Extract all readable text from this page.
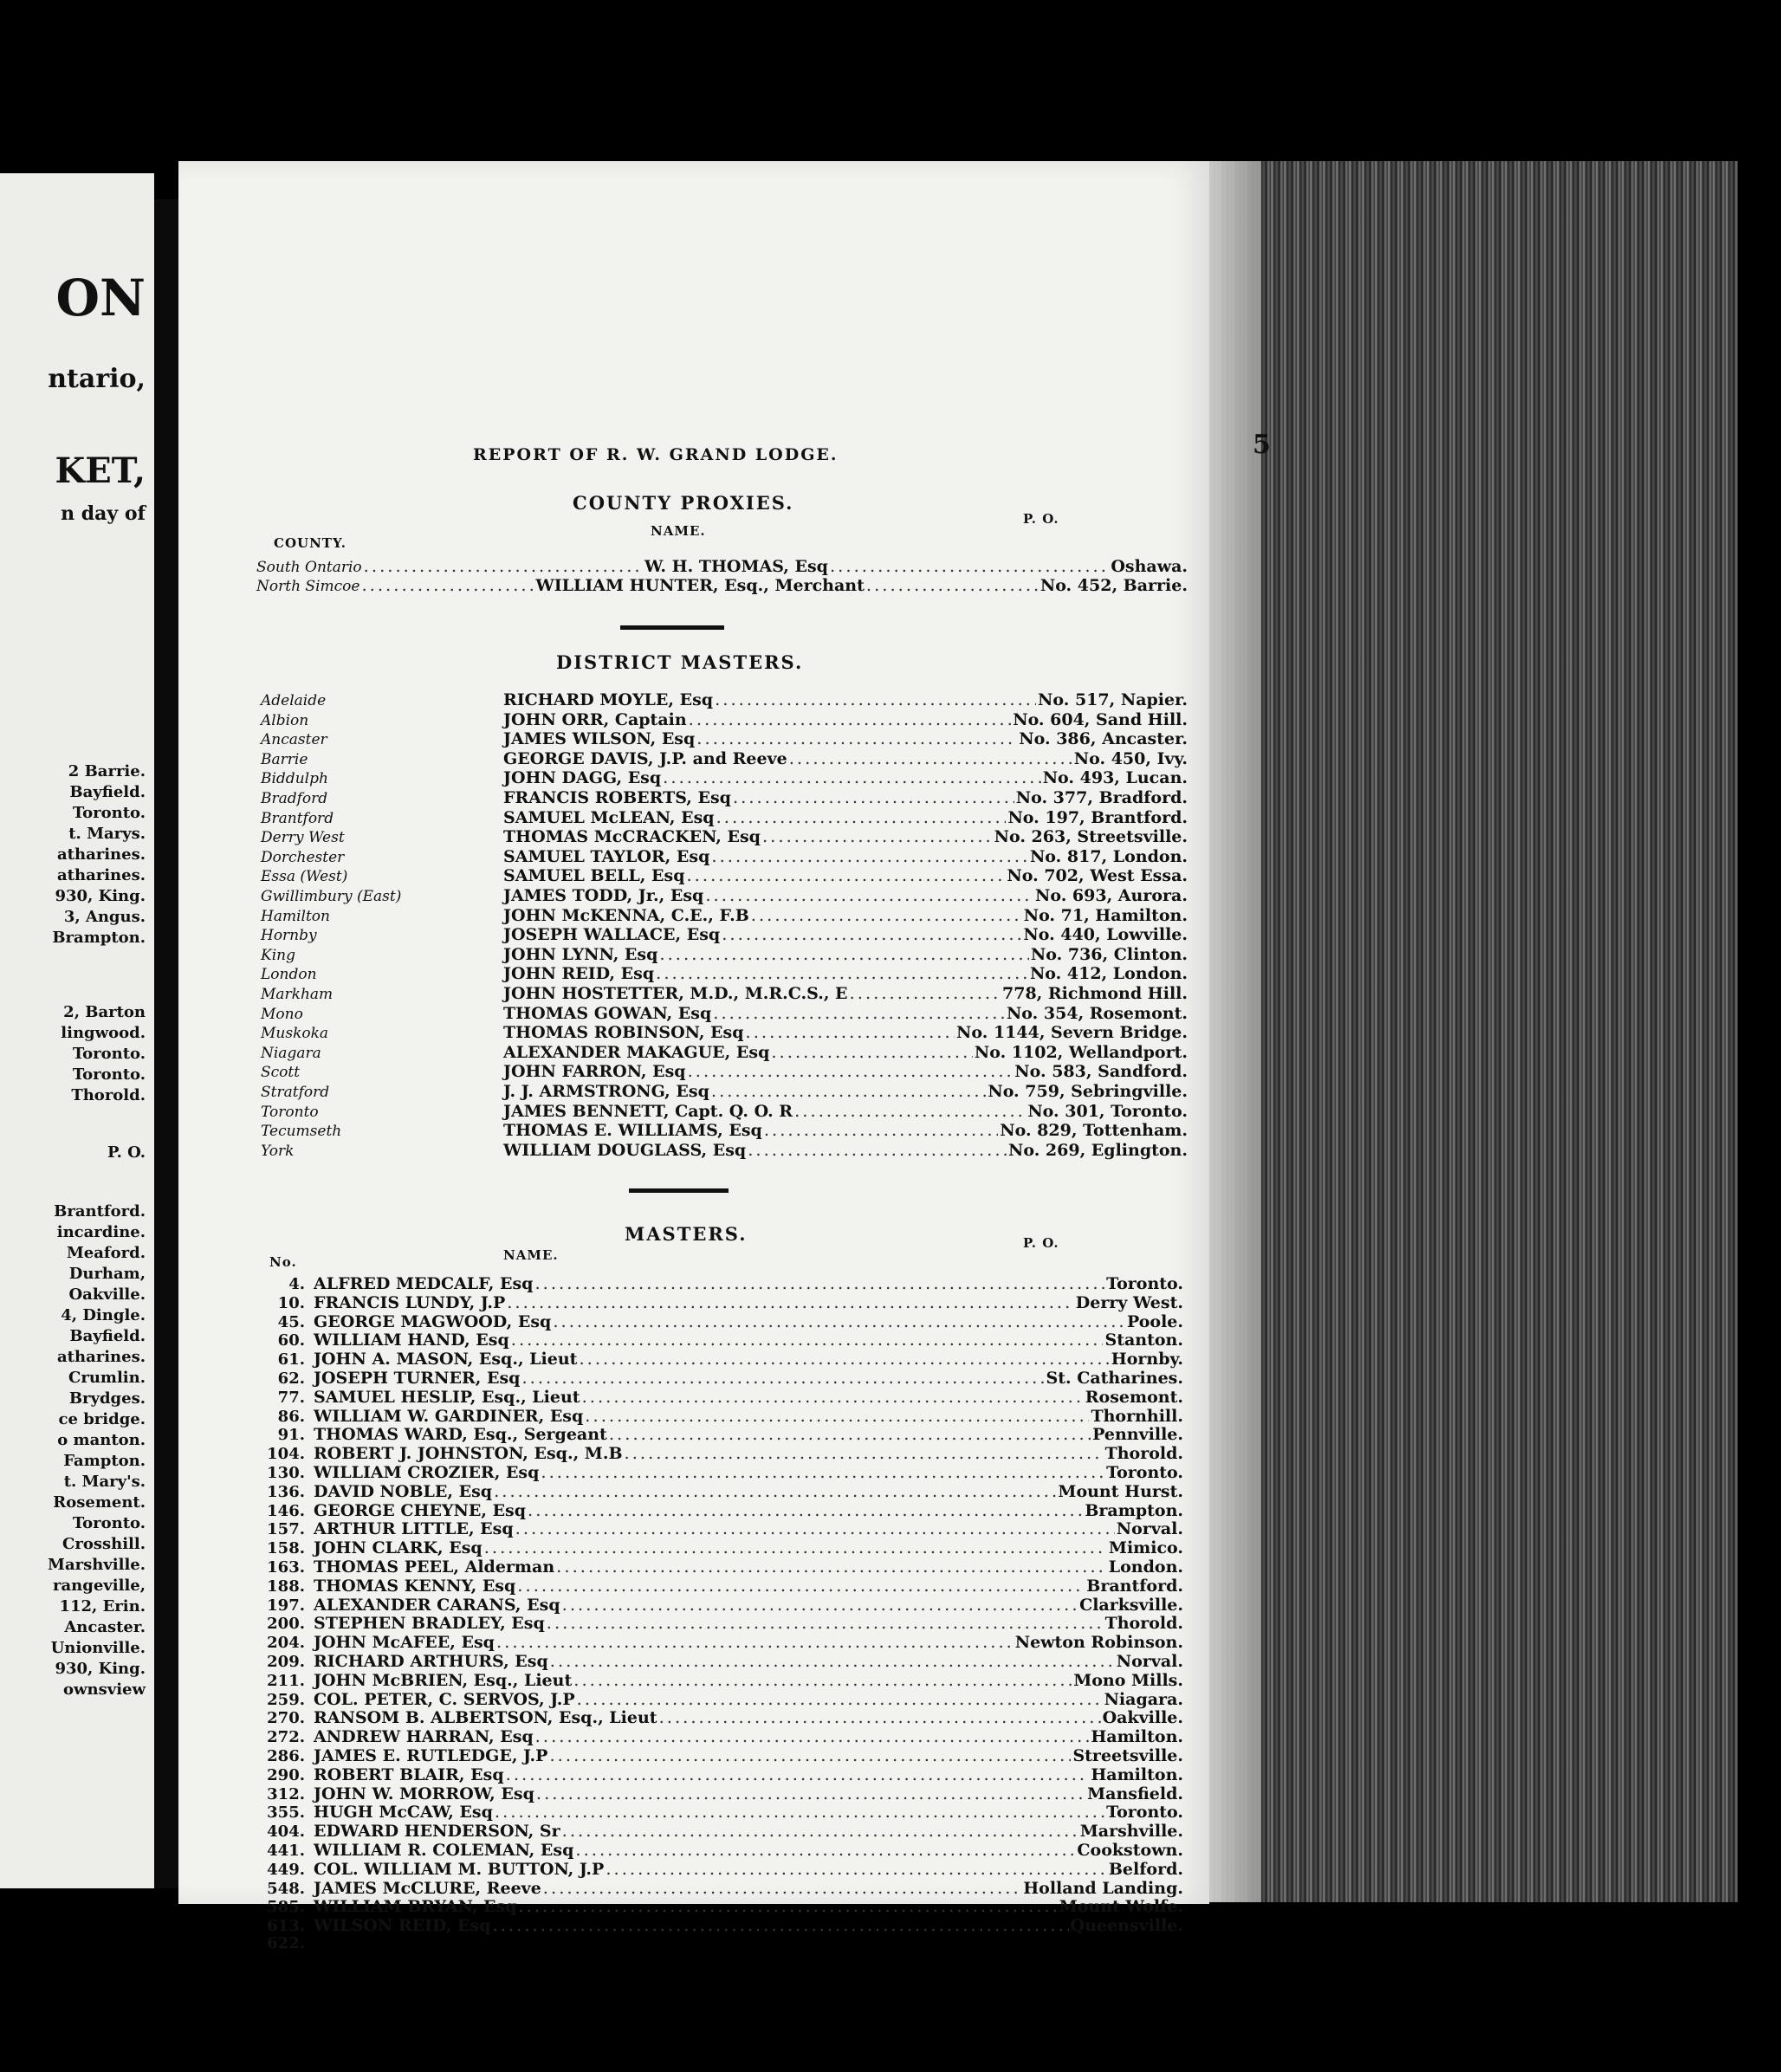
ON
ntario,
KET,
n day of
2 Barrie.
Bayfield.
Toronto.
t. Marys.
atharines.
atharines.
930, King.
3, Angus.
Brampton.
2, Barton
lingwood.
Toronto.
Toronto.
Thorold.
P. O.
Brantford.
incardine.
Meaford.
Durham,
Oakville.
4, Dingle.
Bayfield.
atharines.
Crumlin.
Brydges.
ce bridge.
o manton.
Fampton.
t. Mary's.
Rosement.
Toronto.
Crosshill.
Marshville.
rangeville,
112, Erin.
Ancaster.
Unionville.
930, King.
ownsview
REPORT OF R. W. GRAND LODGE.	5
COUNTY PROXIES.
COUNTY.
NAME.
P. O.
South Ontario .....	W. H. THOMAS, Esq .....	Oshawa.
North Simcoe .....	WILLIAM HUNTER, Esq., Merchant .....	No. 452, Barrie.
DISTRICT MASTERS.
Adelaide	RICHARD MOYLE, Esq .....	No. 517, Napier.
Albion	JOHN ORR, Captain .....	No. 604, Sand Hill.
Ancaster	JAMES WILSON, Esq .....	No. 386, Ancaster.
Barrie	GEORGE DAVIS, J.P. and Reeve .....	No. 450, Ivy.
Biddulph	JOHN DAGG, Esq .....	No. 493, Lucan.
Bradford	FRANCIS ROBERTS, Esq .....	No. 377, Bradford.
Brantford	SAMUEL McLEAN, Esq .....	No. 197, Brantford.
Derry West	THOMAS McCRACKEN, Esq .....	No. 263, Streetsville.
Dorchester	SAMUEL TAYLOR, Esq .....	No. 817, London.
Essa (West)	SAMUEL BELL, Esq .....	No. 702, West Essa.
Gwillimbury (East)	JAMES TODD, Jr., Esq .....	No. 693, Aurora.
Hamilton	JOHN McKENNA, C.E., F.B .....	No. 71, Hamilton.
Hornby	JOSEPH WALLACE, Esq .....	No. 440, Lowville.
King	JOHN LYNN, Esq .....	No. 736, Clinton.
London	JOHN REID, Esq .....	No. 412, London.
Markham	JOHN HOSTETTER, M.D., M.R.C.S., E .....	778, Richmond Hill.
Mono	THOMAS GOWAN, Esq .....	No. 354, Rosemont.
Muskoka	THOMAS ROBINSON, Esq .....	No. 1144, Severn Bridge.
Niagara	ALEXANDER MAKAGUE, Esq .....	No. 1102, Wellandport.
Scott	JOHN FARRON, Esq .....	No. 583, Sandford.
Stratford	J. J. ARMSTRONG, Esq .....	No. 759, Sebringville.
Toronto	JAMES BENNETT, Capt. Q. O. R .....	No. 301, Toronto.
Tecumseth	THOMAS E. WILLIAMS, Esq .....	No. 829, Tottenham.
York	WILLIAM DOUGLASS, Esq .....	No. 269, Eglington.
MASTERS.
No.	NAME.
P. O.
4. ALFRED MEDCALF, Esq .....	Toronto.
10. FRANCIS LUNDY, J.P .....	Derry West.
45. GEORGE MAGWOOD, Esq .....	Poole.
60. WILLIAM HAND, Esq .....	Stanton.
61. JOHN A. MASON, Esq., Lieut .....	Hornby.
62. JOSEPH TURNER, Esq .....	St. Catharines.
77. SAMUEL HESLIP, Esq., Lieut .....	Rosemont.
86. WILLIAM W. GARDINER, Esq .....	Thornhill.
91. THOMAS WARD, Esq., Sergeant .....	Pennville.
104. ROBERT J. JOHNSTON, Esq., M.B .....	Thorold.
130. WILLIAM CROZIER, Esq .....	Toronto.
136. DAVID NOBLE, Esq .....	Mount Hurst.
146. GEORGE CHEYNE, Esq .....	Brampton.
157. ARTHUR LITTLE, Esq .....	Norval.
158. JOHN CLARK, Esq .....	Mimico.
163. THOMAS PEEL, Alderman .....	London.
188. THOMAS KENNY, Esq .....	Brantford.
197. ALEXANDER CARANS, Esq .....	Clarksville.
200. STEPHEN BRADLEY, Esq .....	Thorold.
204. JOHN McAFEE, Esq .....	Newton Robinson.
209. RICHARD ARTHURS, Esq .....	Norval.
211. JOHN McBRIEN, Esq., Lieut .....	Mono Mills.
259. COL. PETER, C. SERVOS, J.P .....	Niagara.
270. RANSOM B. ALBERTSON, Esq., Lieut .....	Oakville.
272. ANDREW HARRAN, Esq .....	Hamilton.
286. JAMES E. RUTLEDGE, J.P .....	Streetsville.
290. ROBERT BLAIR, Esq .....	Hamilton.
312. JOHN W. MORROW, Esq .....	Mansfield.
355. HUGH McCAW, Esq .....	Toronto.
404. EDWARD HENDERSON, Sr .....	Marshville.
441. WILLIAM R. COLEMAN, Esq .....	Cookstown.
449. COL. WILLIAM M. BUTTON, J.P .....	Belford.
548. JAMES McCLURE, Reeve .....	Holland Landing.
585. WILLIAM BRYAN, Esq .....	Mount Wolfe.
613. WILSON REID, Esq .....	Queensville.
622.
